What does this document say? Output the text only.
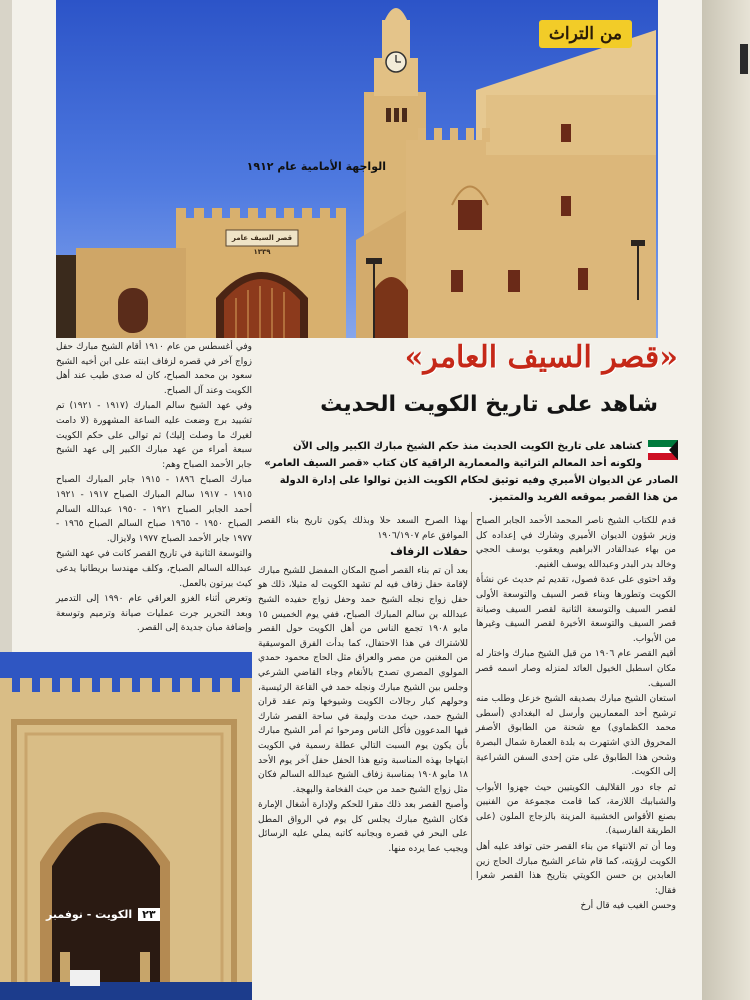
من التراث
الواجهة الأمامية عام ١٩١٢
قصر السيف عامر ١٣٣٩
«قصر السيف العامر»
شاهد على تاريخ الكويت الحديث
كشاهد على تاريخ الكويت الحديث منذ حكم الشيخ مبارك الكبير وإلى الآن ولكونه أحد المعالم التراثية والمعمارية الراقية كان كتاب «قصر السيف العامر» الصادر عن الديوان الأميري وفيه توثيق لحكام الكويت الذين توالوا على إدارة الدولة من هذا القصر بموقعه الفريد والمتميز.

وفي أغسطس من عام ١٩١٠ أقام الشيخ مبارك حفل زواج آخر في قصره لزفاف ابنته على ابن أخيه الشيخ سعود بن محمد الصباح، كان له صدى طيب عند أهل الكويت وعند آل الصباح.

وفي عهد الشيخ سالم المبارك (١٩١٧ - ١٩٢١) تم تشييد برج وضعت عليه الساعة المشهورة (لا دامت لغيرك ما وصلت إليك) ثم توالى على حكم الكويت سبعة أمراء من عهد مبارك الكبير إلى عهد الشيخ جابر الأحمد الصباح وهم:

مبارك الصباح ١٨٩٦ - ١٩١٥ جابر المبارك الصباح ١٩١٥ - ١٩١٧ سالم المبارك الصباح ١٩١٧ - ١٩٢١ أحمد الجابر الصباح ١٩٢١ - ١٩٥٠ عبدالله السالم الصباح ١٩٥٠ - ١٩٦٥ صباح السالم الصباح ١٩٦٥ - ١٩٧٧ جابر الأحمد الصباح ١٩٧٧ ولايزال.

والتوسعة الثانية في تاريخ القصر كانت في عهد الشيخ عبدالله السالم الصباح، وكلف مهندسا بريطانيا يدعى كيث بيرتون بالعمل.

وتعرض أثناء الغزو العراقي عام ١٩٩٠ إلى التدمير وبعد التحرير جرت عمليات صيانة وترميم وتوسعة وإضافة مبان جديدة إلى القصر.

بهذا الصرح السعد حلا وبذلك يكون تاريخ بناء القصر الموافق عام ١٩٠٦/١٩٠٧

حفلات الزفاف

بعد أن تم بناء القصر أصبح المكان المفضل للشيخ مبارك لإقامة حفل زفاف فيه لم تشهد الكويت له مثيلا، ذلك هو حفل زواج نجله الشيخ حمد وحفل زواج حفيده الشيخ عبدالله بن سالم المبارك الصباح، ففي يوم الخميس ١٥ مايو ١٩٠٨ تجمع الناس من أهل الكويت حول القصر للاشتراك في هذا الاحتفال، كما بدأت الفرق الموسيقية من المغنين من مصر والعراق مثل الحاج محمود حمدي المولوي المصري تصدح بالأنغام وجاء القاضي الشرعي وجلس بين الشيخ مبارك ونجله حمد في القاعة الرئيسية، وحولهم كبار رجالات الكويت وشيوخها وتم عقد قران الشيخ حمد، حيث مدت وليمة في ساحة القصر شارك فيها المدعوون فأكل الناس ومرحوا ثم أمر الشيخ مبارك بأن يكون يوم السبت التالي عطلة رسمية في الكويت ابتهاجا بهذه المناسبة وتبع هذا الحفل حفل آخر يوم الأحد ١٨ مايو ١٩٠٨ بمناسبة زفاف الشيخ عبدالله السالم فكان مثل زواج الشيخ حمد من حيث الفخامة والبهجة.

وأصبح القصر بعد ذلك مقرا للحكم ولإدارة أشغال الإمارة فكان الشيخ مبارك يجلس كل يوم في الرواق المطل على البحر في قصره وبجانبه كاتبه يملي عليه الرسائل ويجيب عما يرده منها.

قدم للكتاب الشيخ ناصر المحمد الأحمد الجابر الصباح وزير شؤون الديوان الأميري وشارك في إعداده كل من بهاء عبدالقادر الابراهيم ويعقوب يوسف الحجي وخالد بدر البدر وعبدالله يوسف الغنيم.

وقد احتوى على عدة فصول، تقديم ثم حديث عن نشأة الكويت وتطورها وبناء قصر السيف والتوسعة الأولى لقصر السيف والتوسعة الثانية لقصر السيف وصيانة قصر السيف والتوسعة الأخيرة لقصر السيف وغيرها من الأبواب.

أقيم القصر عام ١٩٠٦ من قبل الشيخ مبارك واختار له مكان اسطبل الخيول العائد لمنزله وصار اسمه قصر السيف.

استعان الشيخ مبارك بصديقه الشيخ خزعل وطلب منه ترشيح أحد المعماريين وأرسل له البغدادي (أسطى محمد الكظماوي) مع شحنة من الطابوق الأصفر المحروق الذي اشتهرت به بلدة العمارة شمال البصرة وشحن هذا الطابوق على متن إحدى السفن الشراعية إلى الكويت.

ثم جاء دور القلاليف الكويتيين حيث جهزوا الأبواب والشبابيك اللازمة، كما قامت مجموعة من الفنيين بصنع الأقواس الخشبية المزينة بالزجاج الملون (على الطريقة الفارسية).

وما أن تم الانتهاء من بناء القصر حتى توافد عليه أهل الكويت لرؤيته، كما قام شاعر الشيخ مبارك الحاج زين العابدين بن حسن الكويتي بتاريخ هذا القصر شعرا فقال:

وحسن الغيب فيه قال أرخ

٢٣الكويت - نوفمبر
